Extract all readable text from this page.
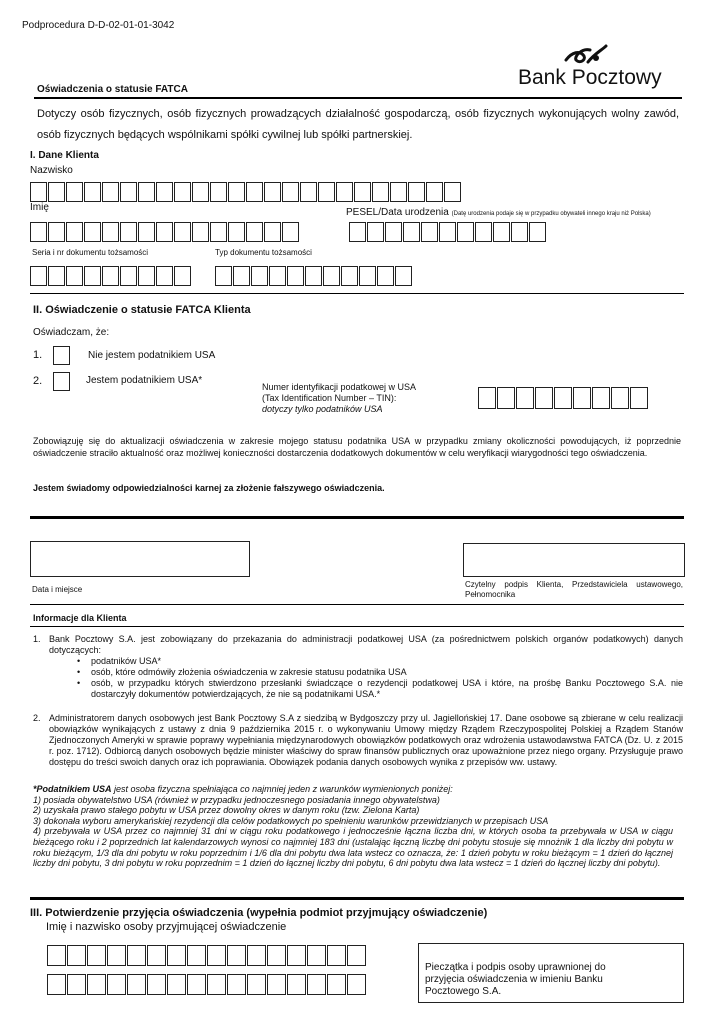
Podprocedura D-D-02-01-01-3042
Bank Pocztowy
Oświadczenia o statusie FATCA
Dotyczy osób fizycznych, osób fizycznych prowadzących działalność gospodarczą, osób fizycznych wykonujących wolny zawód, osób fizycznych będących wspólnikami spółki cywilnej lub spółki partnerskiej.
I. Dane Klienta
Nazwisko
Imię	PESEL/Data urodzenia (Datę urodzenia podaje się w przypadku obywateli innego kraju niż Polska)
Seria i nr dokumentu tożsamości	Typ dokumentu tożsamości
II. Oświadczenie o statusie FATCA Klienta
Oświadczam, że:
1.	Nie jestem podatnikiem USA
2.	Jestem podatnikiem USA*
Numer identyfikacji podatkowej w USA
(Tax Identification Number – TIN):
dotyczy tylko podatników USA
Zobowiązuję się do aktualizacji oświadczenia w zakresie mojego statusu podatnika USA w przypadku zmiany okoliczności powodujących, iż poprzednie oświadczenie straciło aktualność oraz możliwej konieczności dostarczenia dodatkowych dokumentów w celu weryfikacji wiarygodności tego oświadczenia.
Jestem świadomy odpowiedzialności karnej za złożenie fałszywego oświadczenia.
Data i miejsce
Czytelny podpis Klienta, Przedstawiciela ustawowego, Pełnomocnika
Informacje dla Klienta
1. Bank Pocztowy S.A. jest zobowiązany do przekazania do administracji podatkowej USA (za pośrednictwem polskich organów podatkowych) danych dotyczących:
• podatników USA*
• osób, które odmówiły złożenia oświadczenia w zakresie statusu podatnika USA
• osób, w przypadku których stwierdzono przesłanki świadczące o rezydencji podatkowej USA i które, na prośbę Banku Pocztowego S.A. nie dostarczyły dokumentów potwierdzających, że nie są podatnikami USA.*
2. Administratorem danych osobowych jest Bank Pocztowy S.A z siedzibą w Bydgoszczy przy ul. Jagiellońskiej 17. Dane osobowe są zbierane w celu realizacji obowiązków wynikających z ustawy z dnia 9 października 2015 r. o wykonywaniu Umowy między Rządem Rzeczypospolitej Polskiej a Rządem Stanów Zjednoczonych Ameryki w sprawie poprawy wypełniania międzynarodowych obowiązków podatkowych oraz wdrożenia ustawodawstwa FATCA (Dz. U. z 2015 r. poz. 1712). Odbiorcą danych osobowych będzie minister właściwy do spraw finansów publicznych oraz upoważnione przez niego organy. Przysługuje prawo dostępu do treści swoich danych oraz ich poprawiania. Obowiązek podania danych osobowych wynika z przepisów ww. ustawy.
*Podatnikiem USA jest osoba fizyczna spełniająca co najmniej jeden z warunków wymienionych poniżej:
1) posiada obywatelstwo USA (również w przypadku jednoczesnego posiadania innego obywatelstwa)
2) uzyskała prawo stałego pobytu w USA przez dowolny okres w danym roku (tzw. Zielona Karta)
3) dokonała wyboru amerykańskiej rezydencji dla celów podatkowych po spełnieniu warunków przewidzianych w przepisach USA
4) przebywała w USA przez co najmniej 31 dni w ciągu roku podatkowego i jednocześnie łączna liczba dni, w których osoba ta przebywała w USA w ciągu bieżącego roku i 2 poprzednich lat kalendarzowych wynosi co najmniej 183 dni (ustalając łączną liczbę dni pobytu stosuje się mnożnik 1 dla liczby dni pobytu w roku bieżącym, 1/3 dla dni pobytu w roku poprzednim i 1/6 dla dni pobytu dwa lata wstecz co oznacza, że: 1 dzień pobytu w roku bieżącym = 1 dzień do łącznej liczby dni pobytu, 3 dni pobytu w roku poprzednim = 1 dzień do łącznej liczby dni pobytu, 6 dni pobytu dwa lata wstecz = 1 dzień do łącznej liczby dni pobytu).
III. Potwierdzenie przyjęcia oświadczenia (wypełnia podmiot przyjmujący oświadczenie)
Imię i nazwisko osoby przyjmującej oświadczenie
Pieczątka i podpis osoby uprawnionej do przyjęcia oświadczenia w imieniu Banku Pocztowego S.A.
